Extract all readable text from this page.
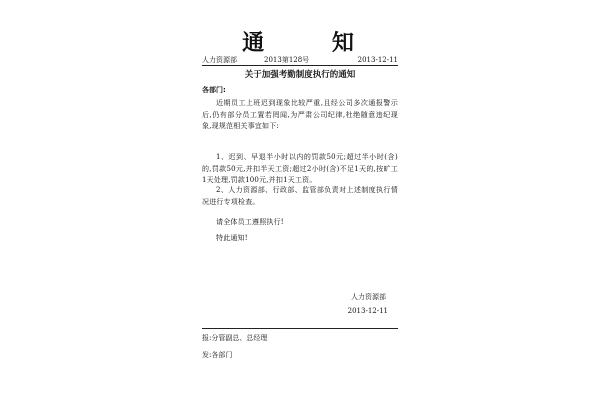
通 知
人力资源部	2013第128号	2013-12-11
关于加强考勤制度执行的通知
各部门:

近期员工上班迟到现象比较严重,且经公司多次通报警示后,仍有部分员工置若罔闻,为严肃公司纪律,杜绝随意违纪现象,现规范相关事宜如下:

1、迟到、早退半小时以内的罚款50元;超过半小时(含)的,罚款50元,并扣半天工资;超过2小时(含)不足1天的,按旷工1天处理,罚款100元,并扣1天工资。

2、人力资源部、行政部、监管部负责对上述制度执行情况进行专项检查。

请全体员工遵照执行!

特此通知!

人力资源部
2013-12-11
报:分管副总、总经理
发:各部门
